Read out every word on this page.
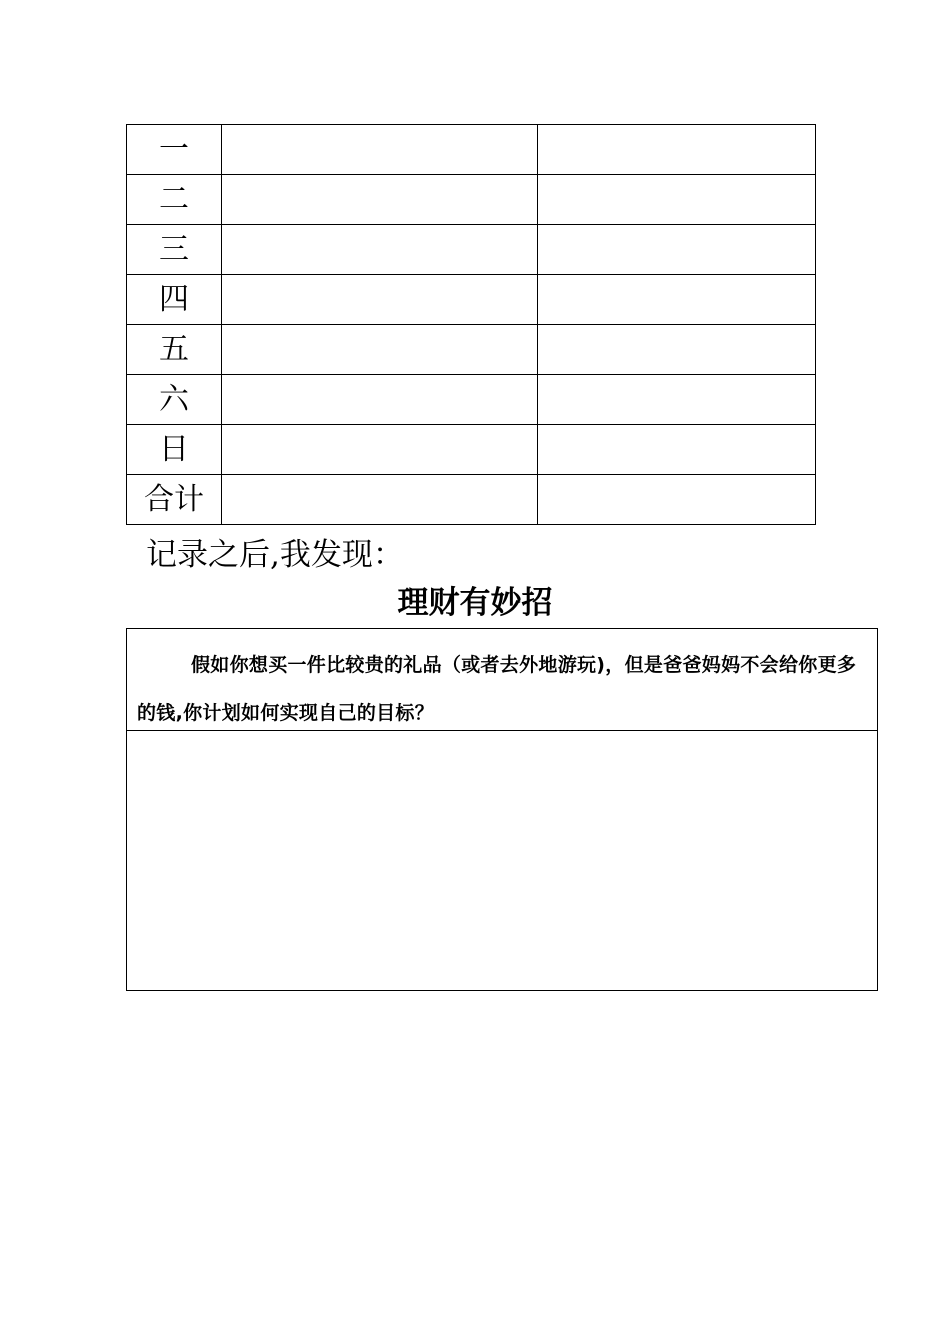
一		
二		
三		
四		
五		
六		
日		
合计		
记录之后,我发现：
理财有妙招
假如你想买一件比较贵的礼品（或者去外地游玩)，但是爸爸妈妈不会给你更多的钱,你计划如何实现自己的目标？
